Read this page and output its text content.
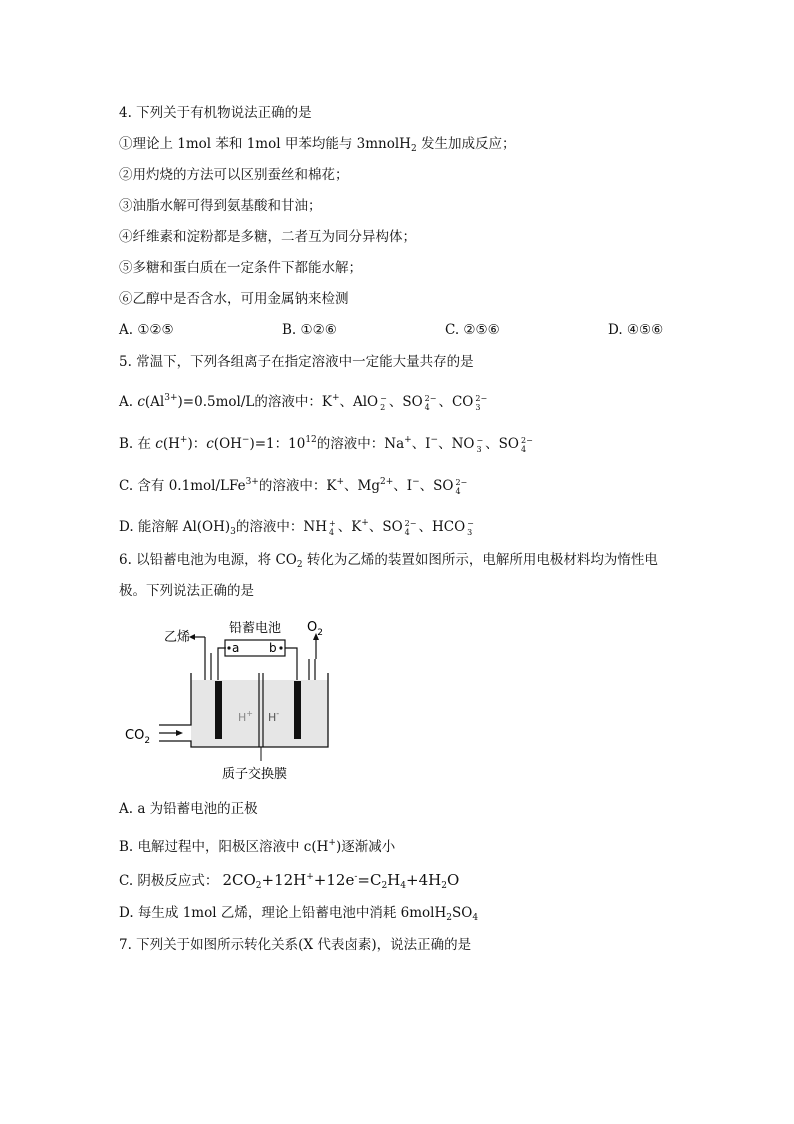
4. 下列关于有机物说法正确的是
①理论上 1mol 苯和 1mol 甲苯均能与 3mnolH$_2$ 发生加成反应；
②用灼烧的方法可以区别蚕丝和棉花；
③油脂水解可得到氨基酸和甘油；
④纤维素和淀粉都是多糖，二者互为同分异构体；
⑤多糖和蛋白质在一定条件下都能水解；
⑥乙醇中是否含水，可用金属钠来检测
A. ①②⑤	B. ①②⑥	C. ②⑤⑥	D. ④⑤⑥
5. 常温下，下列各组离子在指定溶液中一定能大量共存的是
A. $c(Al^{3+})=0.5mol/L$的溶液中：K+、AlO −
2 、SO 2−
4 、CO 2−
3
B. 在 c(H+)：c(OH−)=1：$10^{12}$的溶液中：Na+、I−、NO −
3 、SO 2−
4
C. 含有 0.1mol/LFe$^{3+}$的溶液中：K+、$Mg^{2+}$、I−、SO 2−
4
D. 能溶解 $Al(OH)_3$的溶液中：NH +
4 、K+、SO 2−
4 、HCO −
3
6. 以铅蓄电池为电源，将 $CO_2$ 转化为乙烯的装置如图所示，电解所用电极材料均为惰性电
极。下列说法正确的是
a b
乙烯
铅蓄电池 $O_2$
$CO_2$
H+ H-
质子交换膜
A. a 为铅蓄电池的正极
B. 电解过程中，阳极区溶液中 c(H+)逐渐减小
C. 阴极反应式： $2CO_2+12H^++12e^-=C_2H_4+4H_2O$
D. 每生成 1mol 乙烯，理论上铅蓄电池中消耗 $6molH_2SO_4$
7. 下列关于如图所示转化关系(X 代表卤素)，说法正确的是
